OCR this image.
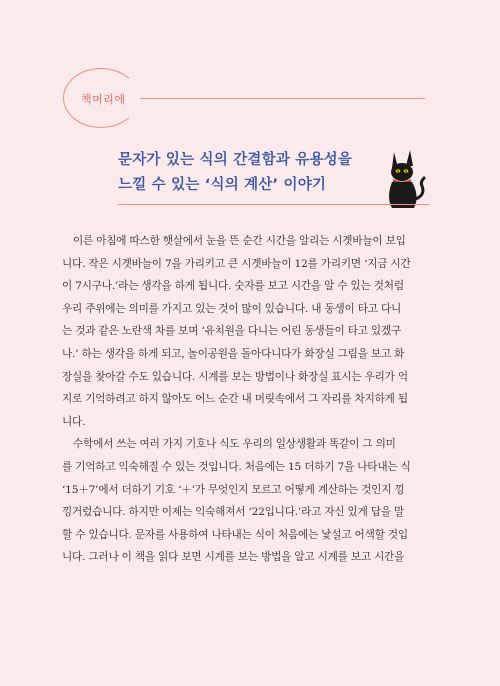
책머리에
문자가 있는 식의 간결함과 유용성을
느낄 수 있는 ‘식의 계산’ 이야기

이른 아침에 따스한 햇살에서 눈을 뜬 순간 시간을 알리는 시곗바늘이 보입
니다. 작은 시곗바늘이 7을 가리키고 큰 시곗바늘이 12를 가리키면 ‘지금 시간
이 7시구나.’라는 생각을 하게 됩니다. 숫자를 보고 시간을 알 수 있는 것처럼
우리 주위에는 의미를 가지고 있는 것이 많이 있습니다. 내 동생이 타고 다니
는 것과 같은 노란색 차를 보며 ‘유치원을 다니는 어린 동생들이 타고 있겠구
나.’ 하는 생각을 하게 되고, 놀이공원을 돌아다니다가 화장실 그림을 보고 화
장실을 찾아갈 수도 있습니다. 시계를 보는 방법이나 화장실 표시는 우리가 억
지로 기억하려고 하지 않아도 어느 순간 내 머릿속에서 그 자리를 차지하게 됩
니다.

수학에서 쓰는 여러 가지 기호나 식도 우리의 일상생활과 똑같이 그 의미
를 기억하고 익숙해질 수 있는 것입니다. 처음에는 15 더하기 7을 나타내는 식
‘15＋7’에서 더하기 기호 ‘＋’가 무엇인지 모르고 어떻게 계산하는 것인지 낑
낑거렸습니다. 하지만 이제는 익숙해져서 ‘22입니다.’라고 자신 있게 답을 말
할 수 있습니다. 문자를 사용하여 나타내는 식이 처음에는 낯설고 어색할 것입
니다. 그러나 이 책을 읽다 보면 시계를 보는 방법을 알고 시계를 보고 시간을
